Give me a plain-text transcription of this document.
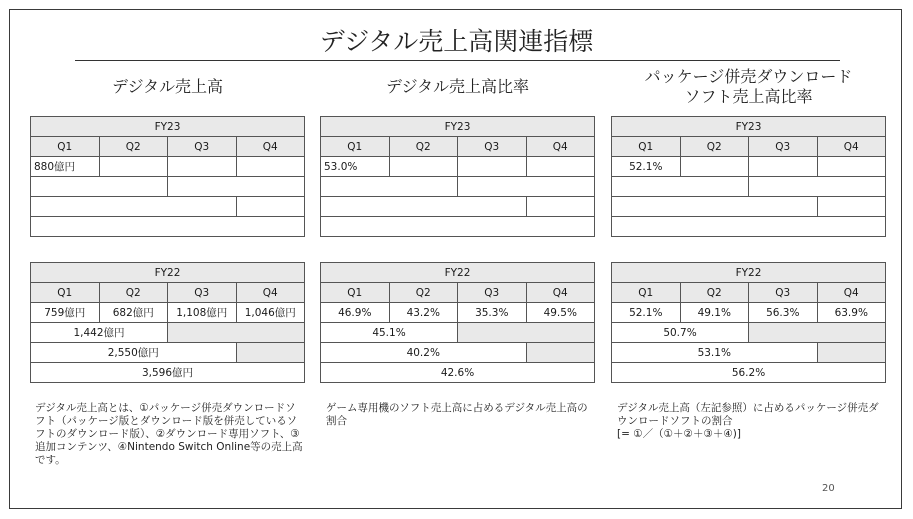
デジタル売上高関連指標
デジタル売上高	デジタル売上高比率
パッケージ併売ダウンロード
ソフト売上高比率
FY23			
Q1	Q2	Q3	Q4
880億円			

FY22			
Q1	Q2	Q3	Q4
759億円	682億円	1,108億円	1,046億円
1,442億円			
2,550億円			
3,596億円			
デジタル売上高とは、①パッケージ併売ダウンロードソフト（パッケージ版とダウンロード版を併売しているソフトのダウンロード版）、②ダウンロード専用ソフト、③追加コンテンツ、④Nintendo Switch Online等の売上高です。
FY23			
Q1	Q2	Q3	Q4
53.0%			

FY22			
Q1	Q2	Q3	Q4
46.9%	43.2%	35.3%	49.5%
45.1%			
40.2%			
42.6%			
ゲーム専用機のソフト売上高に占めるデジタル売上高の割合
FY23			
Q1	Q2	Q3	Q4
52.1%			

FY22			
Q1	Q2	Q3	Q4
52.1%	49.1%	56.3%	63.9%
50.7%			
53.1%			
56.2%			
デジタル売上高（左記参照）に占めるパッケージ併売ダウンロードソフトの割合
[= ①／（①＋②＋③＋④)]
20
